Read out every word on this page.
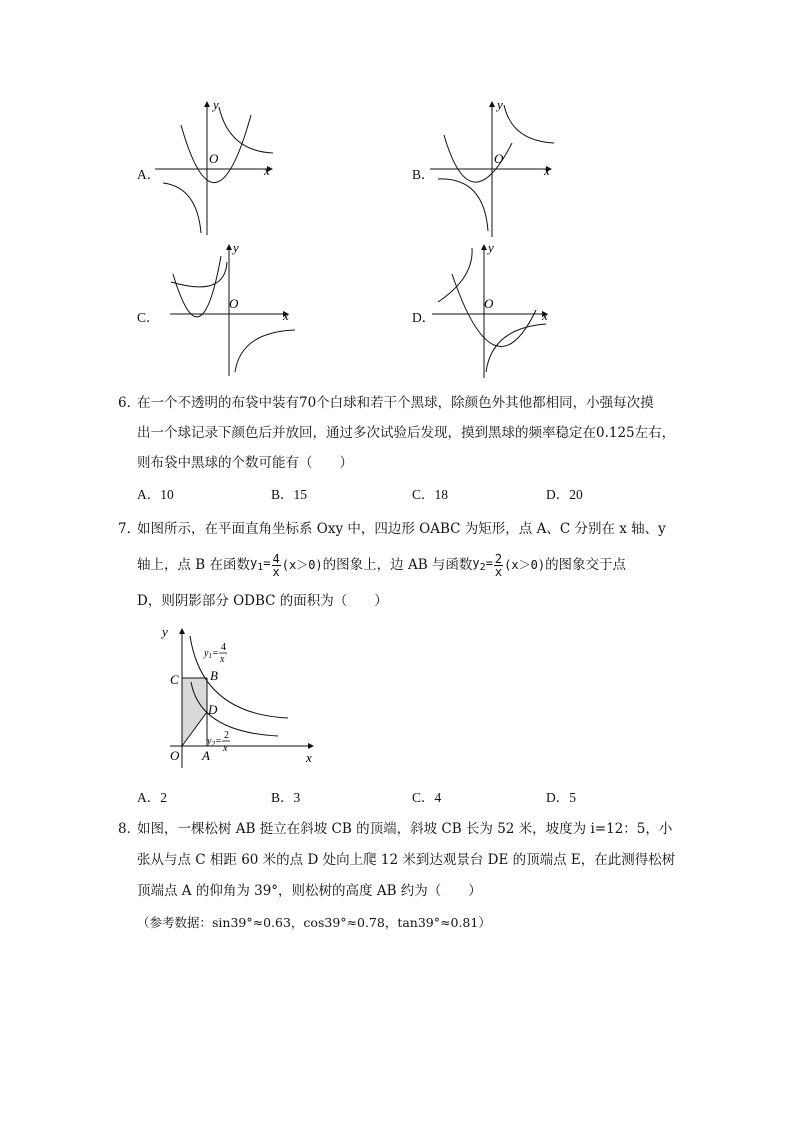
A．	x
y
O
B．	x
y
O
C．	x
y
O
D．	x
y
O
6．
在一个不透明的布袋中装有70个白球和若干个黑球，除颜色外其他都相同，小强每次摸
出一个球记录下颜色后并放回，通过多次试验后发现，摸到黑球的频率稳定在0.125左右，
则布袋中黑球的个数可能有（　　）
A．10	B．15	C．18	D．20
7．
如图所示，在平面直角坐标系 Oxy 中，四边形 OABC 为矩形，点 A、C 分别在 x 轴、y
轴上，点 B 在函数 $y_1= \frac{4}{x} (x>0)$ 的图象上，边 AB 与函数 $y_2= \frac{2}{x} (x>0)$ 的图象交于点
D，则阴影部分 ODBC 的面积为（　　）
y
x
O A
B
C
D
$y_1=$
4
x
$y_2=$
2
x
A．2	B．3	C．4	D．5
8．
如图，一棵松树 AB 挺立在斜坡 CB 的顶端，斜坡 CB 长为 52 米，坡度为 i=12：5，小
张从与点 C 相距 60 米的点 D 处向上爬 12 米到达观景台 DE 的顶端点 E，在此测得松树
顶端点 A 的仰角为 39°，则松树的高度 AB 约为（　　）
（参考数据：sin39°≈0.63，cos39°≈0.78，tan39°≈0.81）
